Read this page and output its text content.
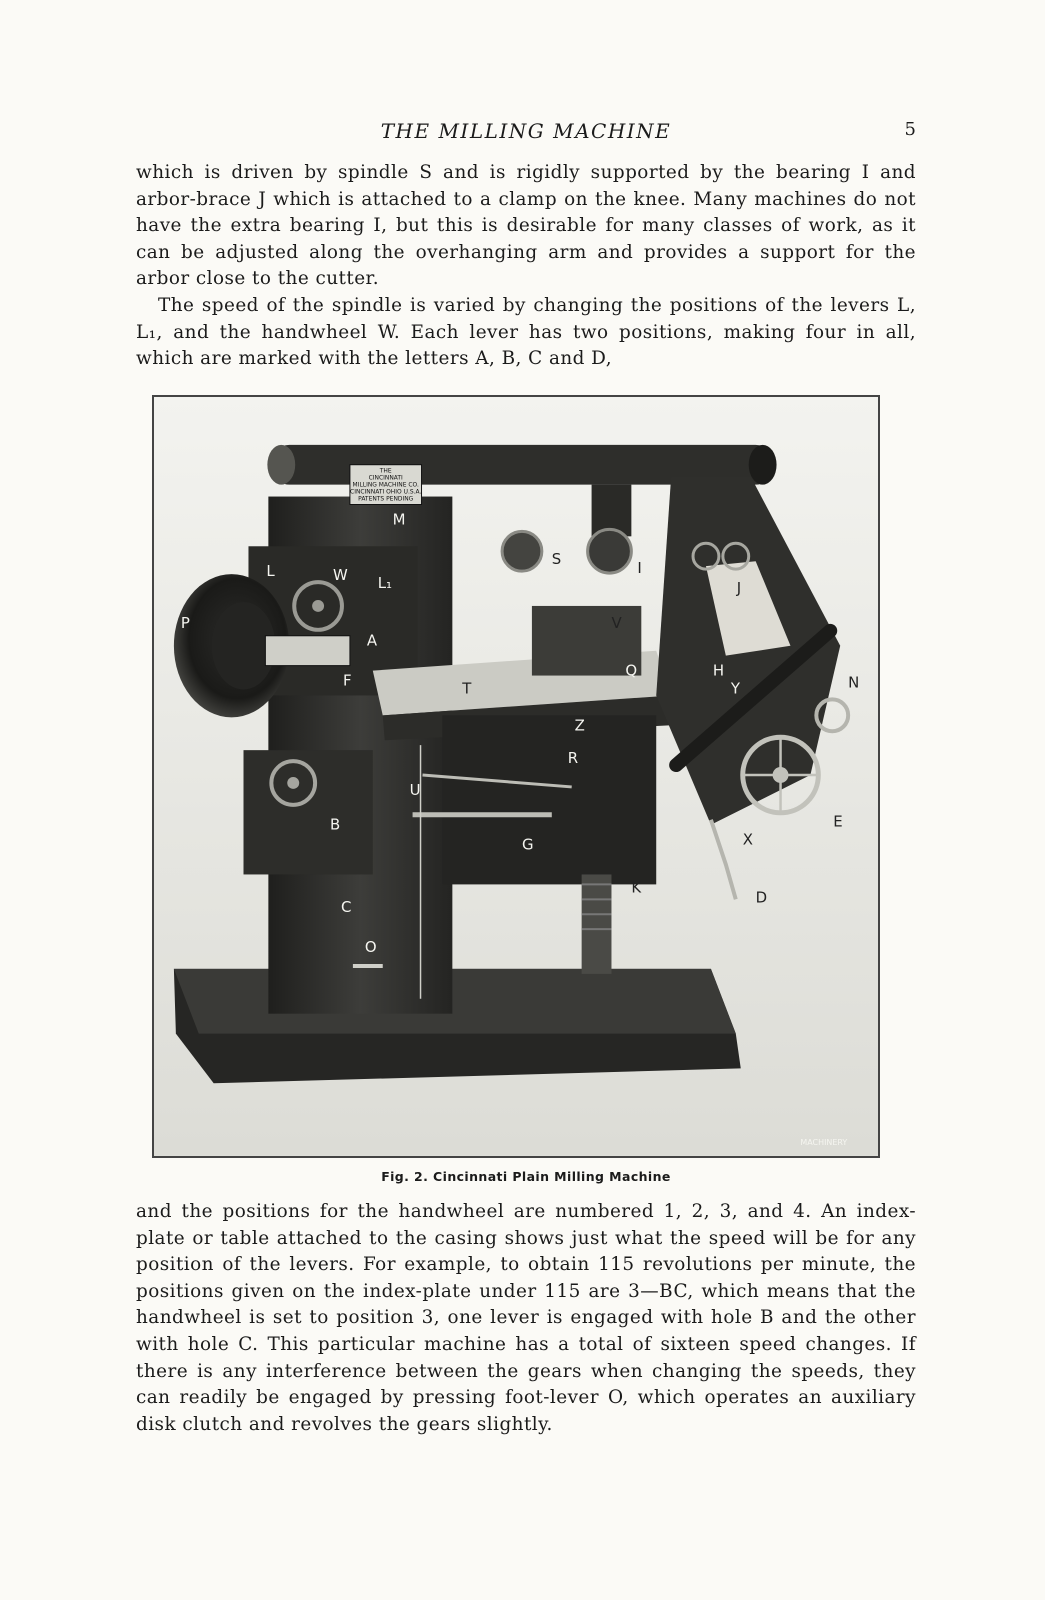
THE MILLING MACHINE	5

which is driven by spindle S and is rigidly supported by the bearing I and arbor-brace J which is attached to a clamp on the knee. Many machines do not have the extra bearing I, but this is desirable for many classes of work, as it can be adjusted along the overhanging arm and provides a support for the arbor close to the cutter.

The speed of the spindle is varied by changing the positions of the levers L, L₁, and the handwheel W. Each lever has two positions, making four in all, which are marked with the letters A, B, C and D,

THE
CINCINNATI
MILLING MACHINE CO.
CINCINNATI OHIO U.S.A.
PATENTS PENDING
M
L	W L₁
P
A
S	I
J
V
Q	H
Y	N
T
F
Z
R
E
B
U
G	X
K
D
C
O
MACHINERY
Fig. 2. Cincinnati Plain Milling Machine

and the positions for the handwheel are numbered 1, 2, 3, and 4. An index-plate or table attached to the casing shows just what the speed will be for any position of the levers. For example, to obtain 115 revolutions per minute, the positions given on the index-plate under 115 are 3—BC, which means that the handwheel is set to position 3, one lever is engaged with hole B and the other with hole C. This particular machine has a total of sixteen speed changes. If there is any interference between the gears when changing the speeds, they can readily be engaged by pressing foot-lever O, which operates an auxiliary disk clutch and revolves the gears slightly.
